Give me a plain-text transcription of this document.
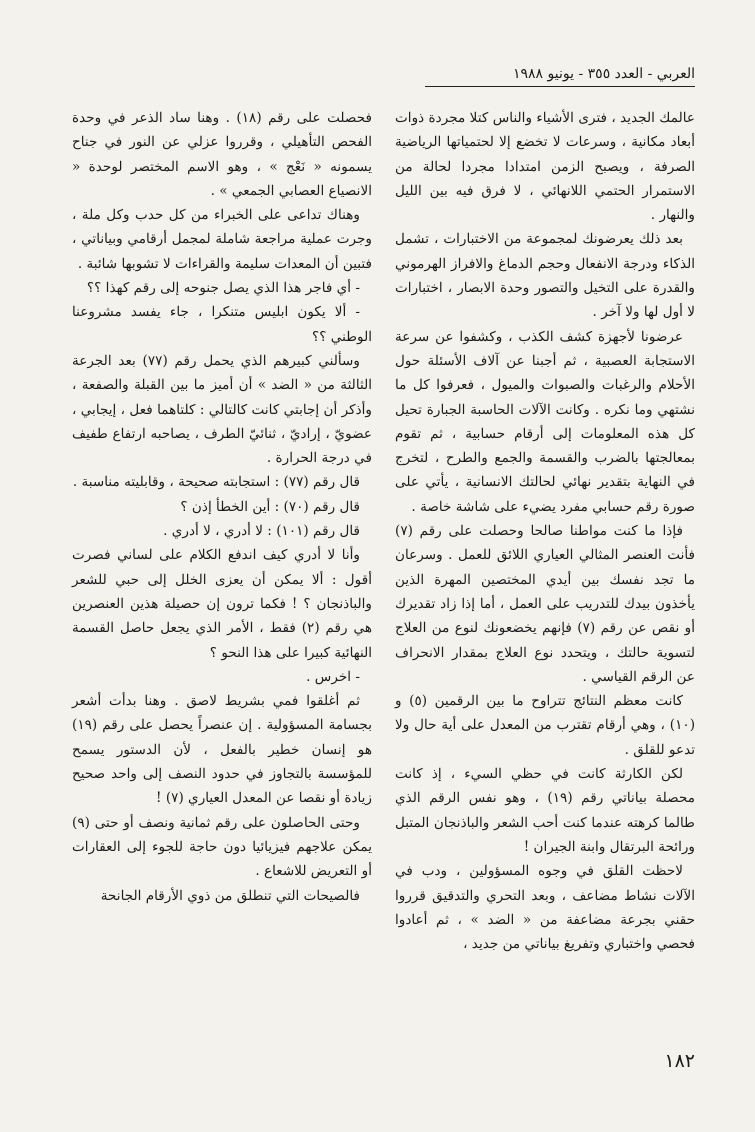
العربي - العدد ٣٥٥ - يونيو ١٩٨٨

عالمك الجديد ، فترى الأشياء والناس كتلا مجردة ذوات أبعاد مكانية ، وسرعات لا تخضع إلا لحتمياتها الرياضية الصرفة ، ويصبح الزمن امتدادا مجردا لحالة من الاستمرار الحتمي اللانهائي ، لا فرق فيه بين الليل والنهار .

بعد ذلك يعرضونك لمجموعة من الاختبارات ، تشمل الذكاء ودرجة الانفعال وحجم الدماغ والافراز الهرموني والقدرة على التخيل والتصور وحدة الابصار ، اختبارات لا أول لها ولا آخر .

عرضونا لأجهزة كشف الكذب ، وكشفوا عن سرعة الاستجابة العصبية ، ثم أجبنا عن آلاف الأسئلة حول الأحلام والرغبات والصبوات والميول ، فعرفوا كل ما نشتهي وما نكره . وكانت الآلات الحاسبة الجبارة تحيل كل هذه المعلومات إلى أرقام حسابية ، ثم تقوم بمعالجتها بالضرب والقسمة والجمع والطرح ، لتخرج في النهاية بتقدير نهائي لحالتك الانسانية ، يأتي على صورة رقم حسابي مفرد يضيء على شاشة خاصة .

فإذا ما كنت مواطنا صالحا وحصلت على رقم (٧) فأنت العنصر المثالي العياري اللائق للعمل . وسرعان ما تجد نفسك بين أيدي المختصين المهرة الذين يأخذون بيدك للتدريب على العمل ، أما إذا زاد تقديرك أو نقص عن رقم (٧) فإنهم يخضعونك لنوع من العلاج لتسوية حالتك ، ويتحدد نوع العلاج بمقدار الانحراف عن الرقم القياسي .

كانت معظم النتائج تتراوح ما بين الرقمين (٥) و (١٠) ، وهي أرقام تقترب من المعدل على أية حال ولا تدعو للقلق .

لكن الكارثة كانت في حظي السيء ، إذ كانت محصلة بياناتي رقم (١٩) ، وهو نفس الرقم الذي طالما كرهته عندما كنت أحب الشعر والباذنجان المتبل ورائحة البرتقال وابنة الجيران !

لاحظت القلق في وجوه المسؤولين ، ودب في الآلات نشاط مضاعف ، وبعد التحري والتدقيق قرروا حقني بجرعة مضاعفة من « الضد » ، ثم أعادوا فحصي واختباري وتفريغ بياناتي من جديد ،

فحصلت على رقم (١٨) . وهنا ساد الذعر في وحدة الفحص التأهيلي ، وقرروا عزلي عن النور في جناح يسمونه « نَعْج » ، وهو الاسم المختصر لوحدة « الانصياع العصابي الجمعي » .

وهناك تداعى على الخبراء من كل حدب وكل ملة ، وجرت عملية مراجعة شاملة لمجمل أرقامي وبياناتي ، فتبين أن المعدات سليمة والقراءات لا تشوبها شائبة .

- أي فاجر هذا الذي يصل جنوحه إلى رقم كهذا ؟؟

- ألا يكون ابليس متنكرا ، جاء يفسد مشروعنا الوطني ؟؟

وسألني كبيرهم الذي يحمل رقم (٧٧) بعد الجرعة الثالثة من « الضد » أن أميز ما بين القبلة والصفعة ، وأذكر أن إجابتي كانت كالتالي : كلتاهما فعل ، إيجابي ، عضويّ ، إراديّ ، ثنائيّ الطرف ، يصاحبه ارتفاع طفيف في درجة الحرارة .

قال رقم (٧٧) : استجابته صحيحة ، وقابليته مناسبة .

قال رقم (٧٠) : أين الخطأ إذن ؟

قال رقم (١٠١) : لا أدري ، لا أدري .

وأنا لا أدري كيف اندفع الكلام على لساني فصرت أقول : ألا يمكن أن يعزى الخلل إلى حبي للشعر والباذنجان ؟ ! فكما ترون إن حصيلة هذين العنصرين هي رقم (٢) فقط ، الأمر الذي يجعل حاصل القسمة النهائية كبيرا على هذا النحو ؟

- اخرس .

ثم أغلقوا فمي بشريط لاصق . وهنا بدأت أشعر بجسامة المسؤولية . إن عنصراً يحصل على رقم (١٩) هو إنسان خطير بالفعل ، لأن الدستور يسمح للمؤسسة بالتجاوز في حدود النصف إلى واحد صحيح زيادة أو نقصا عن المعدل العياري (٧) !

وحتى الحاصلون على رقم ثمانية ونصف أو حتى (٩) يمكن علاجهم فيزيائيا دون حاجة للجوء إلى العقارات أو التعريض للاشعاع .

فالصيحات التي تنطلق من ذوي الأرقام الجانحة

١٨٢
